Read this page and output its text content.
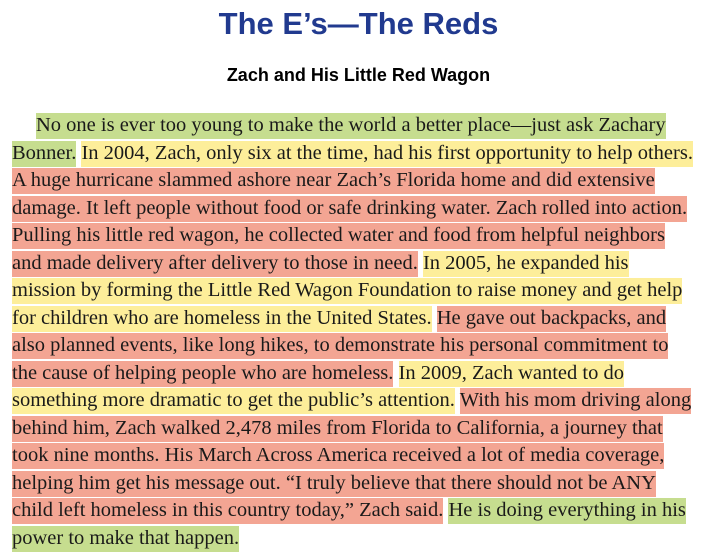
The E’s—The Reds
Zach and His Little Red Wagon

No one is ever too young to make the world a better place—just ask Zachary Bonner. In 2004, Zach, only six at the time, had his first opportunity to help others. A huge hurricane slammed ashore near Zach’s Florida home and did extensive damage. It left people without food or safe drinking water. Zach rolled into action. Pulling his little red wagon, he collected water and food from helpful neighbors and made delivery after delivery to those in need. In 2005, he expanded his mission by forming the Little Red Wagon Foundation to raise money and get help for children who are homeless in the United States. He gave out backpacks, and also planned events, like long hikes, to demonstrate his personal commitment to the cause of helping people who are homeless. In 2009, Zach wanted to do something more dramatic to get the public’s attention. With his mom driving along behind him, Zach walked 2,478 miles from Florida to California, a journey that took nine months. His March Across America received a lot of media coverage, helping him get his message out. “I truly believe that there should not be ANY child left homeless in this country today,” Zach said. He is doing everything in his power to make that happen.
